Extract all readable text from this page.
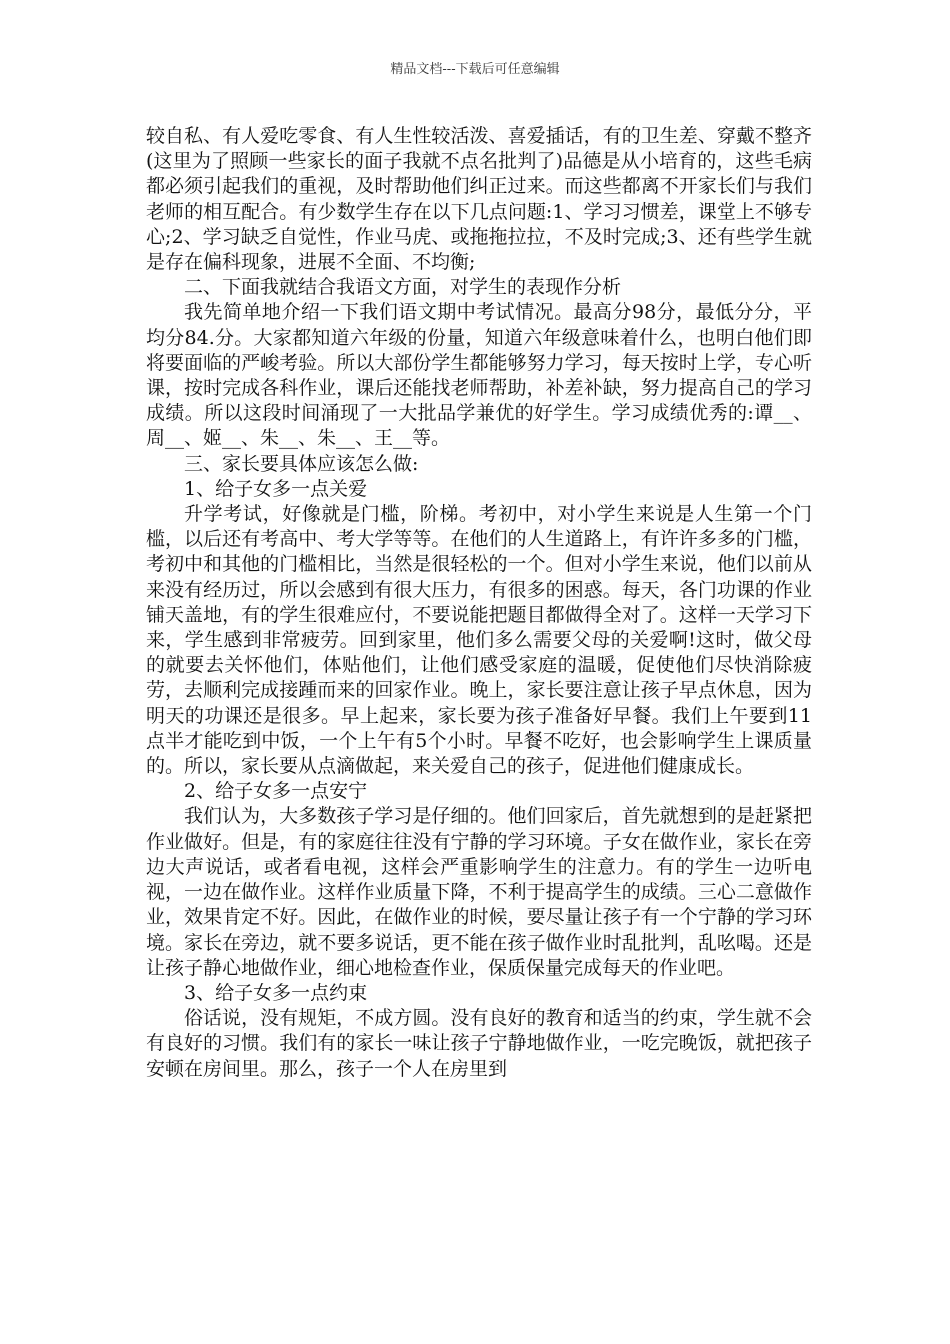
精品文档---下载后可任意编辑

较自私、有人爱吃零食、有人生性较活泼、喜爱插话，有的卫生差、穿戴不整齐(这里为了照顾一些家长的面子我就不点名批判了)品德是从小培育的，这些毛病都必须引起我们的重视，及时帮助他们纠正过来。而这些都离不开家长们与我们老师的相互配合。有少数学生存在以下几点问题:1、学习习惯差，课堂上不够专心;2、学习缺乏自觉性，作业马虎、或拖拖拉拉，不及时完成;3、还有些学生就是存在偏科现象，进展不全面、不均衡;

二、下面我就结合我语文方面，对学生的表现作分析

我先简单地介绍一下我们语文期中考试情况。最高分98分，最低分分，平均分84.分。大家都知道六年级的份量，知道六年级意味着什么，也明白他们即将要面临的严峻考验。所以大部份学生都能够努力学习，每天按时上学，专心听课，按时完成各科作业，课后还能找老师帮助，补差补缺，努力提高自己的学习成绩。所以这段时间涌现了一大批品学兼优的好学生。学习成绩优秀的:谭__、周__、姬__、朱__、朱__、王__等。

三、家长要具体应该怎么做:

1、给子女多一点关爱

升学考试，好像就是门槛，阶梯。考初中，对小学生来说是人生第一个门槛，以后还有考高中、考大学等等。在他们的人生道路上，有许许多多的门槛，考初中和其他的门槛相比，当然是很轻松的一个。但对小学生来说，他们以前从来没有经历过，所以会感到有很大压力，有很多的困惑。每天，各门功课的作业铺天盖地，有的学生很难应付，不要说能把题目都做得全对了。这样一天学习下来，学生感到非常疲劳。回到家里，他们多么需要父母的关爱啊!这时，做父母的就要去关怀他们，体贴他们，让他们感受家庭的温暖，促使他们尽快消除疲劳，去顺利完成接踵而来的回家作业。晚上，家长要注意让孩子早点休息，因为明天的功课还是很多。早上起来，家长要为孩子准备好早餐。我们上午要到11点半才能吃到中饭，一个上午有5个小时。早餐不吃好，也会影响学生上课质量的。所以，家长要从点滴做起，来关爱自己的孩子，促进他们健康成长。

2、给子女多一点安宁

我们认为，大多数孩子学习是仔细的。他们回家后，首先就想到的是赶紧把作业做好。但是，有的家庭往往没有宁静的学习环境。子女在做作业，家长在旁边大声说话，或者看电视，这样会严重影响学生的注意力。有的学生一边听电视，一边在做作业。这样作业质量下降，不利于提高学生的成绩。三心二意做作业，效果肯定不好。因此，在做作业的时候，要尽量让孩子有一个宁静的学习环境。家长在旁边，就不要多说话，更不能在孩子做作业时乱批判，乱吆喝。还是让孩子静心地做作业，细心地检查作业，保质保量完成每天的作业吧。

3、给子女多一点约束

俗话说，没有规矩，不成方圆。没有良好的教育和适当的约束，学生就不会有良好的习惯。我们有的家长一味让孩子宁静地做作业，一吃完晚饭，就把孩子安顿在房间里。那么，孩子一个人在房里到
